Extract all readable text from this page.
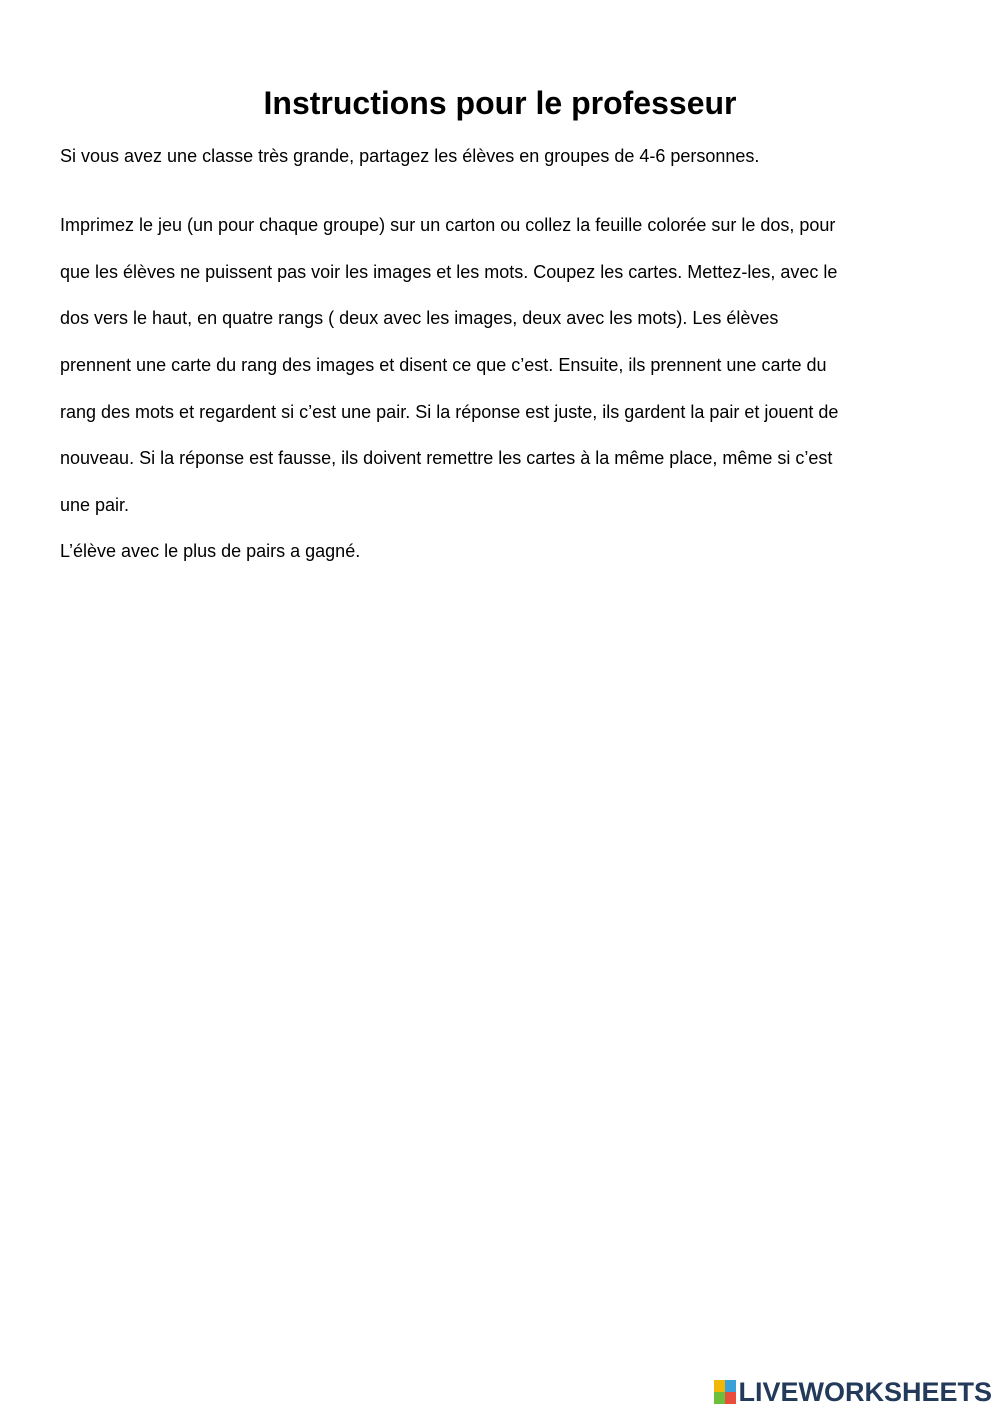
Instructions pour le professeur

Si vous avez une classe très grande, partagez les élèves en groupes de 4-6 personnes.

Imprimez le jeu (un pour chaque groupe) sur un carton ou collez la feuille colorée sur le dos, pour

que les élèves ne puissent pas voir les images et les mots. Coupez les cartes. Mettez-les, avec le

dos vers le haut, en quatre rangs ( deux avec les images, deux avec les mots). Les élèves

prennent une carte du rang des images et disent ce que c’est. Ensuite, ils prennent une carte du

rang des mots et regardent si c’est une pair. Si la réponse est juste, ils gardent la pair et jouent de

nouveau. Si la réponse est fausse, ils doivent remettre les cartes à la même place, même si c’est

une pair.

L’élève avec le plus de pairs a gagné.

LIVEWORKSHEETS
